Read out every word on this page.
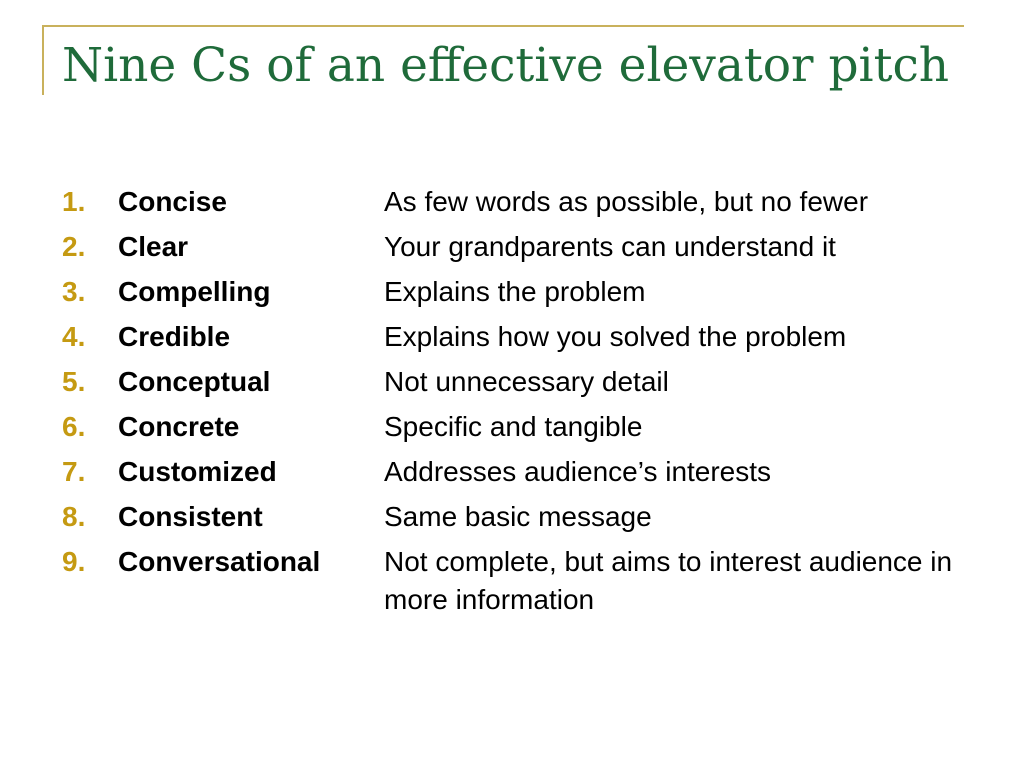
Nine Cs of an effective elevator pitch
1.	Concise	As few words as possible, but no fewer
2.	Clear	Your grandparents can understand it
3.	Compelling	Explains the problem
4.	Credible	Explains how you solved the problem
5.	Conceptual	Not unnecessary detail
6.	Concrete	Specific and tangible
7.	Customized	Addresses audience’s interests
8.	Consistent	Same basic message
9.	Conversational	Not complete, but aims to interest audience in more information
